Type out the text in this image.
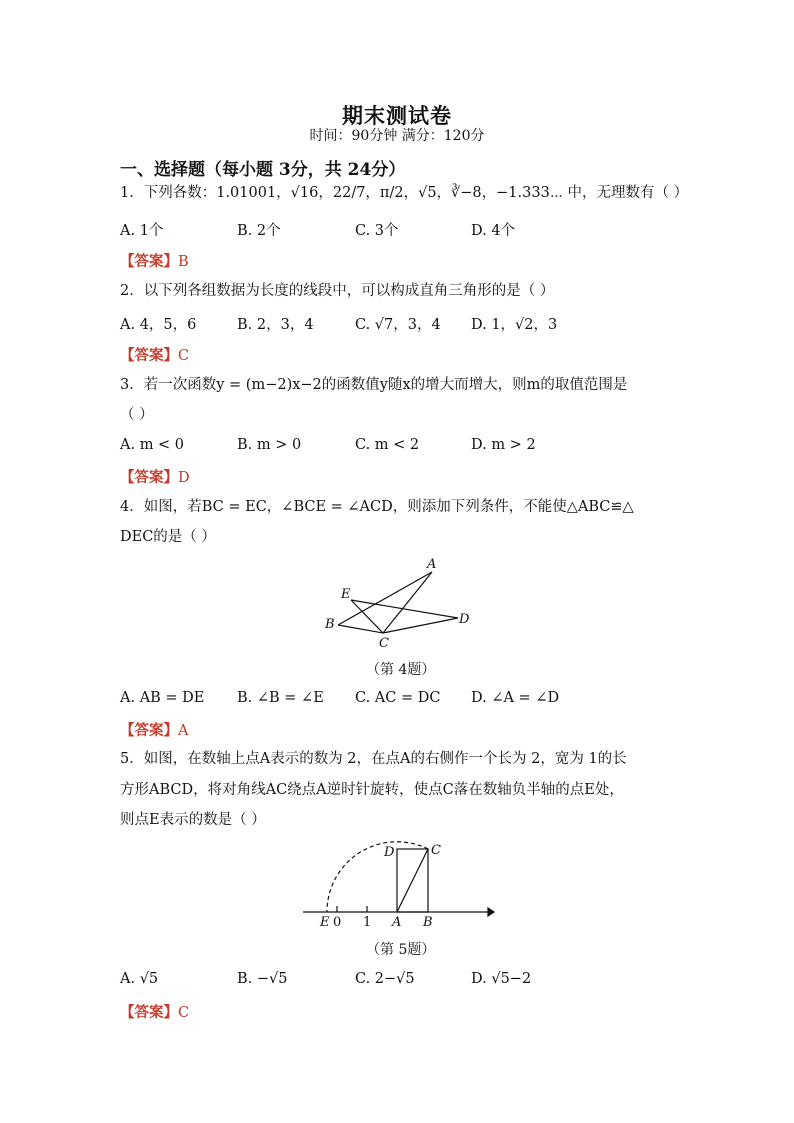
期末测试卷
时间：90分钟 满分：120分
一、选择题（每小题 3分，共 24分）
1．下列各数：1.01001，√16，22/7，π/2，√5，∛−8，−1.333⋯ 中，无理数有（ ）
A. 1个	B. 2个	C. 3个	D. 4个
【答案】B
2．以下列各组数据为长度的线段中，可以构成直角三角形的是（ ）
A. 4，5，6	B. 2，3，4	C. √7，3，4 D. 1，√2，3
【答案】C
3．若一次函数y = (m−2)x−2的函数值y随x的增大而增大，则m的取值范围是
（ ）
A. m < 0	B. m > 0	C. m < 2	D. m > 2
【答案】D
4．如图，若BC = EC，∠BCE = ∠ACD，则添加下列条件，不能使△ABC≌△
DEC的是（ ）
A
E
B
C
D
（第 4题）
A. AB = DE B. ∠B = ∠E C. AC = DC D. ∠A = ∠D
【答案】A
5．如图，在数轴上点A表示的数为 2，在点A的右侧作一个长为 2，宽为 1的长
方形ABCD，将对角线AC绕点A逆时针旋转，使点C落在数轴负半轴的点E处，
则点E表示的数是（ ）
D	C
E 0 1 A B
（第 5题）
A. √5	B. −√5	C. 2−√5	D. √5−2
【答案】C
